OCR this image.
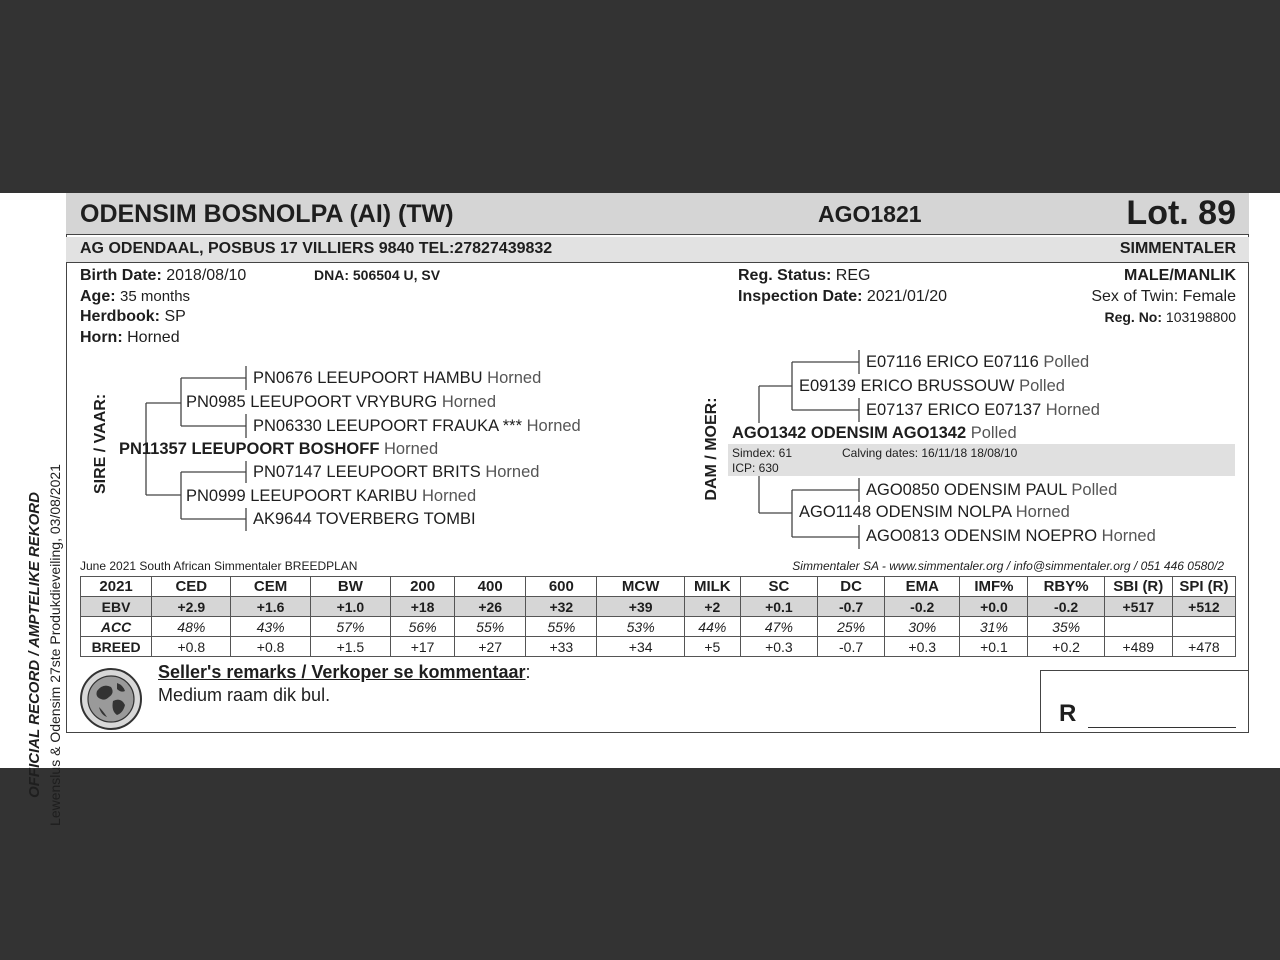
OFFICIAL RECORD / AMPTELIKE REKORD Lewenslus & Odensim 27ste Produkdieveiling, 03/08/2021
ODENSIM BOSNOLPA (AI) (TW)	AGO1821	Lot. 89
AG ODENDAAL, POSBUS 17 VILLIERS 9840 TEL:27827439832	SIMMENTALER
Birth Date: 2018/08/10	DNA: 506504 U, SV
Age: 35 months
Herdbook: SP
Horn: Horned
Reg. Status: REG
Inspection Date: 2021/01/20
MALE/MANLIK
Sex of Twin: Female
Reg. No: 103198800
SIRE / VAAR:	DAM / MOER:
PN0676 LEEUPOORT HAMBU Horned
PN0985 LEEUPOORT VRYBURG Horned
PN06330 LEEUPOORT FRAUKA *** Horned
PN11357 LEEUPOORT BOSHOFF Horned
PN07147 LEEUPOORT BRITS Horned
PN0999 LEEUPOORT KARIBU Horned
AK9644 TOVERBERG TOMBI
E07116 ERICO E07116 Polled
E09139 ERICO BRUSSOUW Polled
E07137 ERICO E07137 Horned
AGO1342 ODENSIM AGO1342 Polled
Simdex: 61	Calving dates: 16/11/18 18/08/10
ICP: 630
AGO0850 ODENSIM PAUL Polled
AGO1148 ODENSIM NOLPA Horned
AGO0813 ODENSIM NOEPRO Horned
June 2021 South African Simmentaler BREEDPLAN	Simmentaler SA - www.simmentaler.org / info@simmentaler.org / 051 446 0580/2
2021	CED	CEM	BW	200	400	600	MCW	MILK	SC	DC	EMA	IMF%	RBY%	SBI (R)	SPI (R)
EBV	+2.9	+1.6	+1.0	+18	+26	+32	+39	+2	+0.1	-0.7	-0.2	+0.0	-0.2	+517	+512
ACC	48%	43%	57%	56%	55%	55%	53%	44%	47%	25%	30%	31%	35%		
BREED	+0.8	+0.8	+1.5	+17	+27	+33	+34	+5	+0.3	-0.7	+0.3	+0.1	+0.2	+489	+478
Seller's remarks / Verkoper se kommentaar:
Medium raam dik bul.
R
